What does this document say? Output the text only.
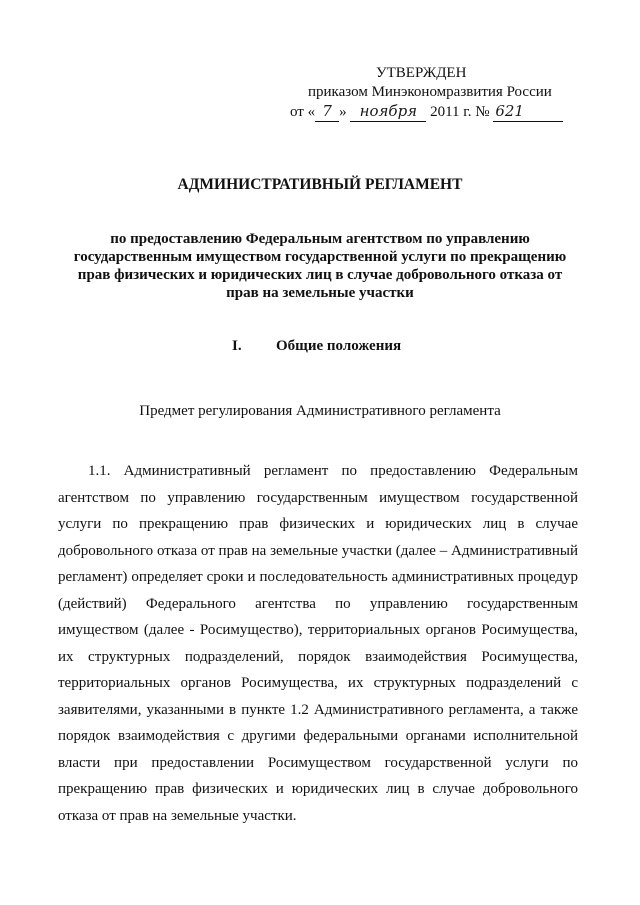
УТВЕРЖДЕН
приказом Минэкономразвития России
от « 7 » ноября 2011 г. № 621
АДМИНИСТРАТИВНЫЙ РЕГЛАМЕНТ
по предоставлению Федеральным агентством по управлению государственным имуществом государственной услуги по прекращению прав физических и юридических лиц в случае добровольного отказа от прав на земельные участки
I. Общие положения
Предмет регулирования Административного регламента

1.1. Административный регламент по предоставлению Федеральным агентством по управлению государственным имуществом государственной услуги по прекращению прав физических и юридических лиц в случае добровольного отказа от прав на земельные участки (далее – Административный регламент) определяет сроки и последовательность административных процедур (действий) Федерального агентства по управлению государственным имуществом (далее - Росимущество), территориальных органов Росимущества, их структурных подразделений, порядок взаимодействия Росимущества, территориальных органов Росимущества, их структурных подразделений с заявителями, указанными в пункте 1.2 Административного регламента, а также порядок взаимодействия с другими федеральными органами исполнительной власти при предоставлении Росимуществом государственной услуги по прекращению прав физических и юридических лиц в случае добровольного отказа от прав на земельные участки.
